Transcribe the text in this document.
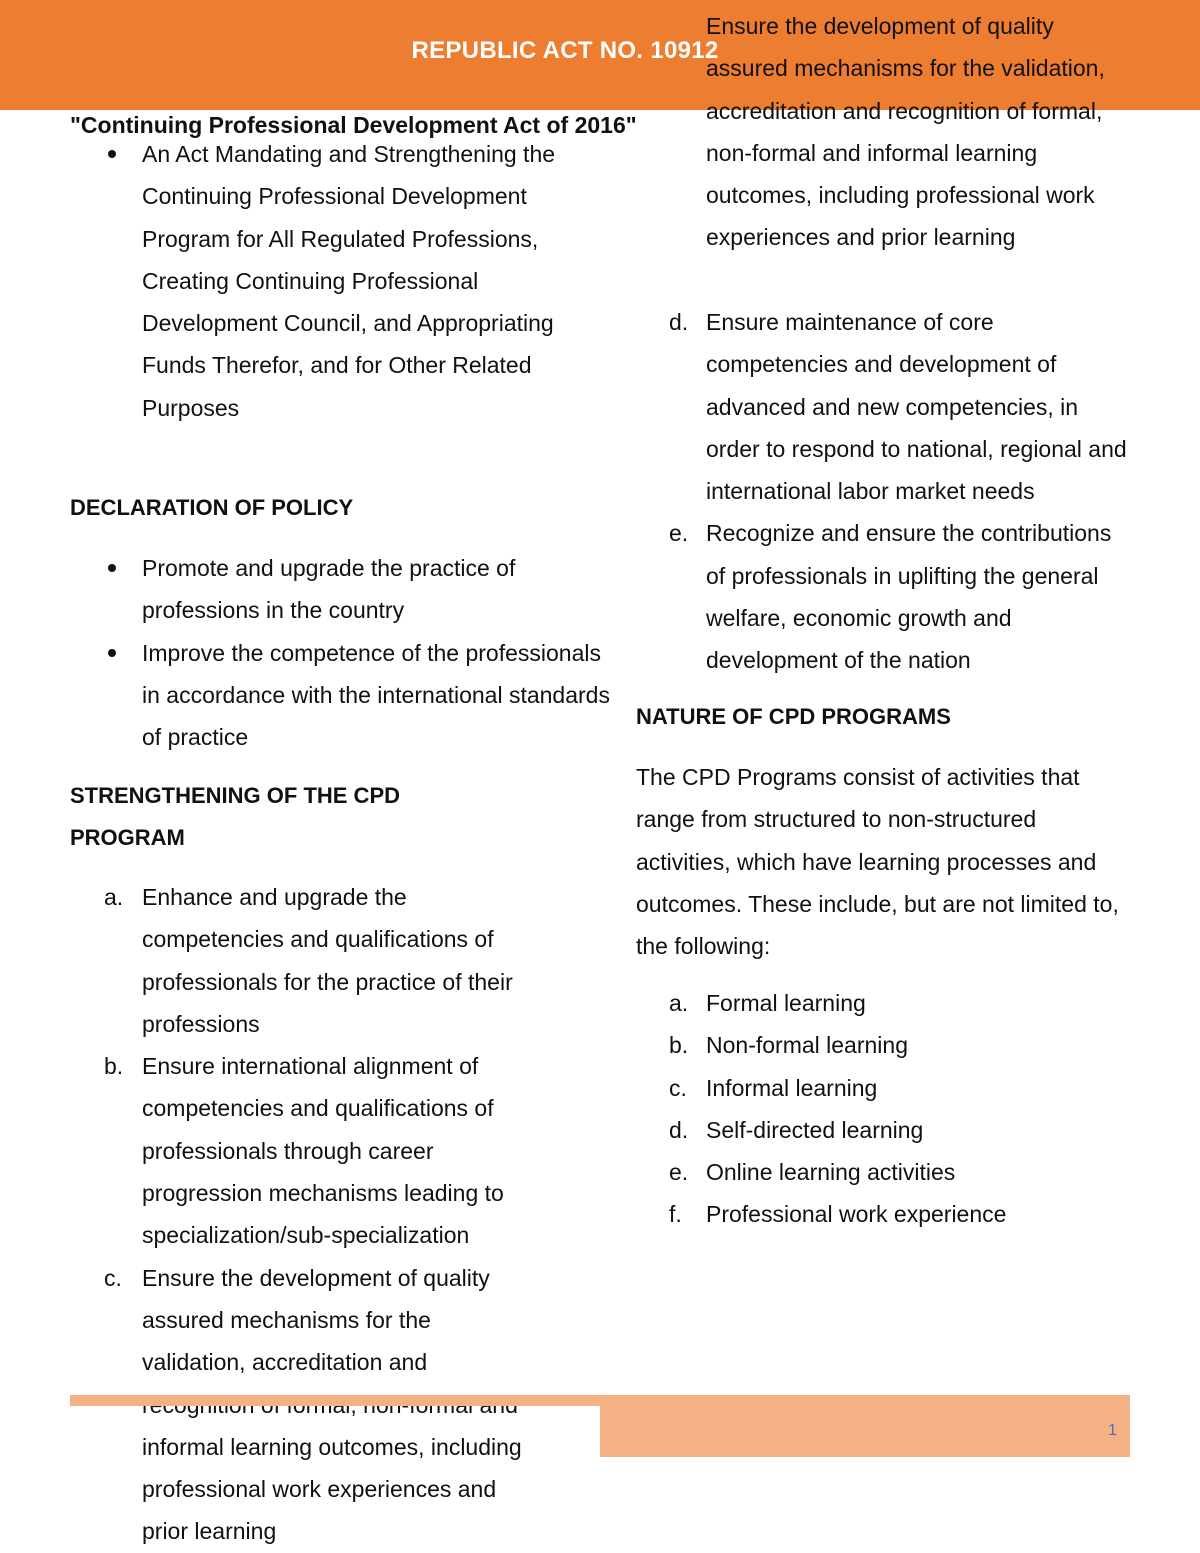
REPUBLIC ACT NO. 10912
"Continuing Professional Development Act of 2016"
An Act Mandating and Strengthening the Continuing Professional Development Program for All Regulated Professions, Creating Continuing Professional Development Council, and Appropriating Funds Therefor, and for Other Related Purposes
DECLARATION OF POLICY
Promote and upgrade the practice of professions in the country
Improve the competence of the professionals in accordance with the international standards of practice
STRENGTHENING OF THE CPD
PROGRAM
a. Enhance and upgrade the competencies and qualifications of professionals for the practice of their professions
b. Ensure international alignment of competencies and qualifications of professionals through career progression mechanisms leading to specialization/sub-specialization
c. Ensure the development of quality assured mechanisms for the validation, accreditation and informal learning outcomes, including professional work experiences and prior learning
Ensure the development of quality assured mechanisms for the validation, accreditation and recognition of formal, non-formal and informal learning outcomes, including professional work experiences and prior learning
d. Ensure maintenance of core competencies and development of advanced and new competencies, in order to respond to national, regional and international labor market needs
e. Recognize and ensure the contributions of professionals in uplifting the general welfare, economic growth and development of the nation
NATURE OF CPD PROGRAMS

The CPD Programs consist of activities that range from structured to non-structured activities, which have learning processes and outcomes. These include, but are not limited to, the following:

a. Formal learning
b. Non-formal learning
c. Informal learning
d. Self-directed learning
e. Online learning activities
f. Professional work experience
1
